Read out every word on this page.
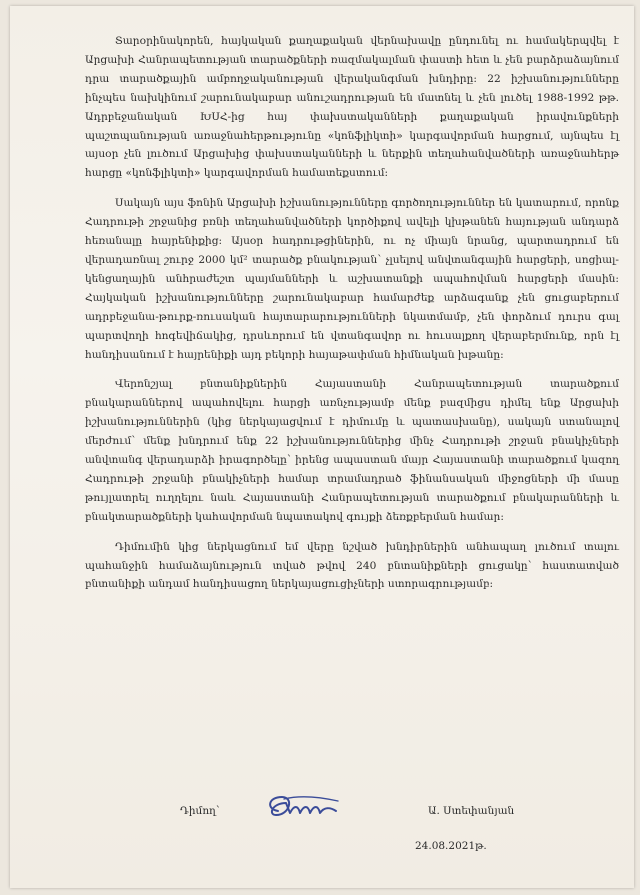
Տարօրինակորեն, հայկական քաղաքական վերնախավը ընդունել ու համակերպվել է Արցախի Հանրապետության տարածքների ռազմակալման փաստի հետ և չեն բարձրաձայնում դրա տարածքային ամբողջականության վերականգման խնդիրը: 22 իշխանությունները ինչպես նախկինում շարունակաբար անուշադրության են մատնել և չեն լուծել 1988-1992 թթ. Ադրբեջանական ԽՍՀ-ից հայ փախստականների քաղաքական իրավունքների պաշտպանության առաջնահերթությունը «կոնֆլիկտի» կարգավորման հարցում, այնպես էլ այսօր չեն լուծում Արցախից փախստականների և ներքին տեղահանվածների առաջնահերթ հարցը «կոնֆլիկտի» կարգավորման համատեքստում:

Սակայն այս ֆոնին Արցախի իշխանությունները գործողություններ են կատարում, որոնք Հադրութի շրջանից բռնի տեղահանվածների կործիքով ավելի կխթանեն հայության անդարձ հեռանալը հայրենիքից: Այսօր հադրութցիներին, ու ոչ միայն նրանց, պարտադրում են վերադառնալ շուրջ 2000 կմ² տարածք բնակության՝ չլսելով անվտանգային հարցերի, սոցիալ-կենցաղային անհրաժեշտ պայմանների և աշխատանքի ապահովման հարցերի մասին: Հայկական իշխանությունները շարունակաբար համարժեք արձագանք չեն ցուցաբերում ադրբեջանա-թուրք-ռուսական հայտարարությունների նկատմամբ, չեն փորձում դուրս գալ պարտվողի հոգեվիճակից, դրսևորում են վտանգավոր ու հուսալքող վերաբերմունք, որն էլ հանդիսանում է հայրենիքի այդ բեկորի հայաթափման հիմնական խթանը:

Վերոնշյալ բնտանիքներին Հայաստանի Հանրապետության տարածքում բնակարաններով ապահովելու հարցի առնչությամբ մենք բազմիցս դիմել ենք Արցախի իշխանություններին (կից ներկայացվում է դիմումը և պատասխանը), սակայն ստանալով մերժում՝ մենք խնդրում ենք 22 իշխանություններից մինչ Հադրութի շրջան բնակիչների անվտանգ վերադարձի իրագործելը՝ իրենց ապաստան մայր Հայաստանի տարածքում կազող Հադրութի շրջանի բնակիչների համար տրամադրած ֆինանսական միջոցների մի մասը թույլատրել ուղղելու նաև Հայաստանի Հանրապետության տարածքում բնակարանների և բնակտարածքների կահավորման նպատակով գույքի ձեռքբերման համար:

Դիմումին կից ներկացնում եմ վերը նշված խնդիրներին անհապաղ լուծում տալու պահանջին համաձայնություն տված թվով 240 բնտանիքների ցուցակը՝ հաստատված բնտանիքի անդամ հանդիսացող ներկայացուցիչների ստորագրությամբ:

Դիմող՝	Ա. Ստեփանյան
24.08.2021թ.
